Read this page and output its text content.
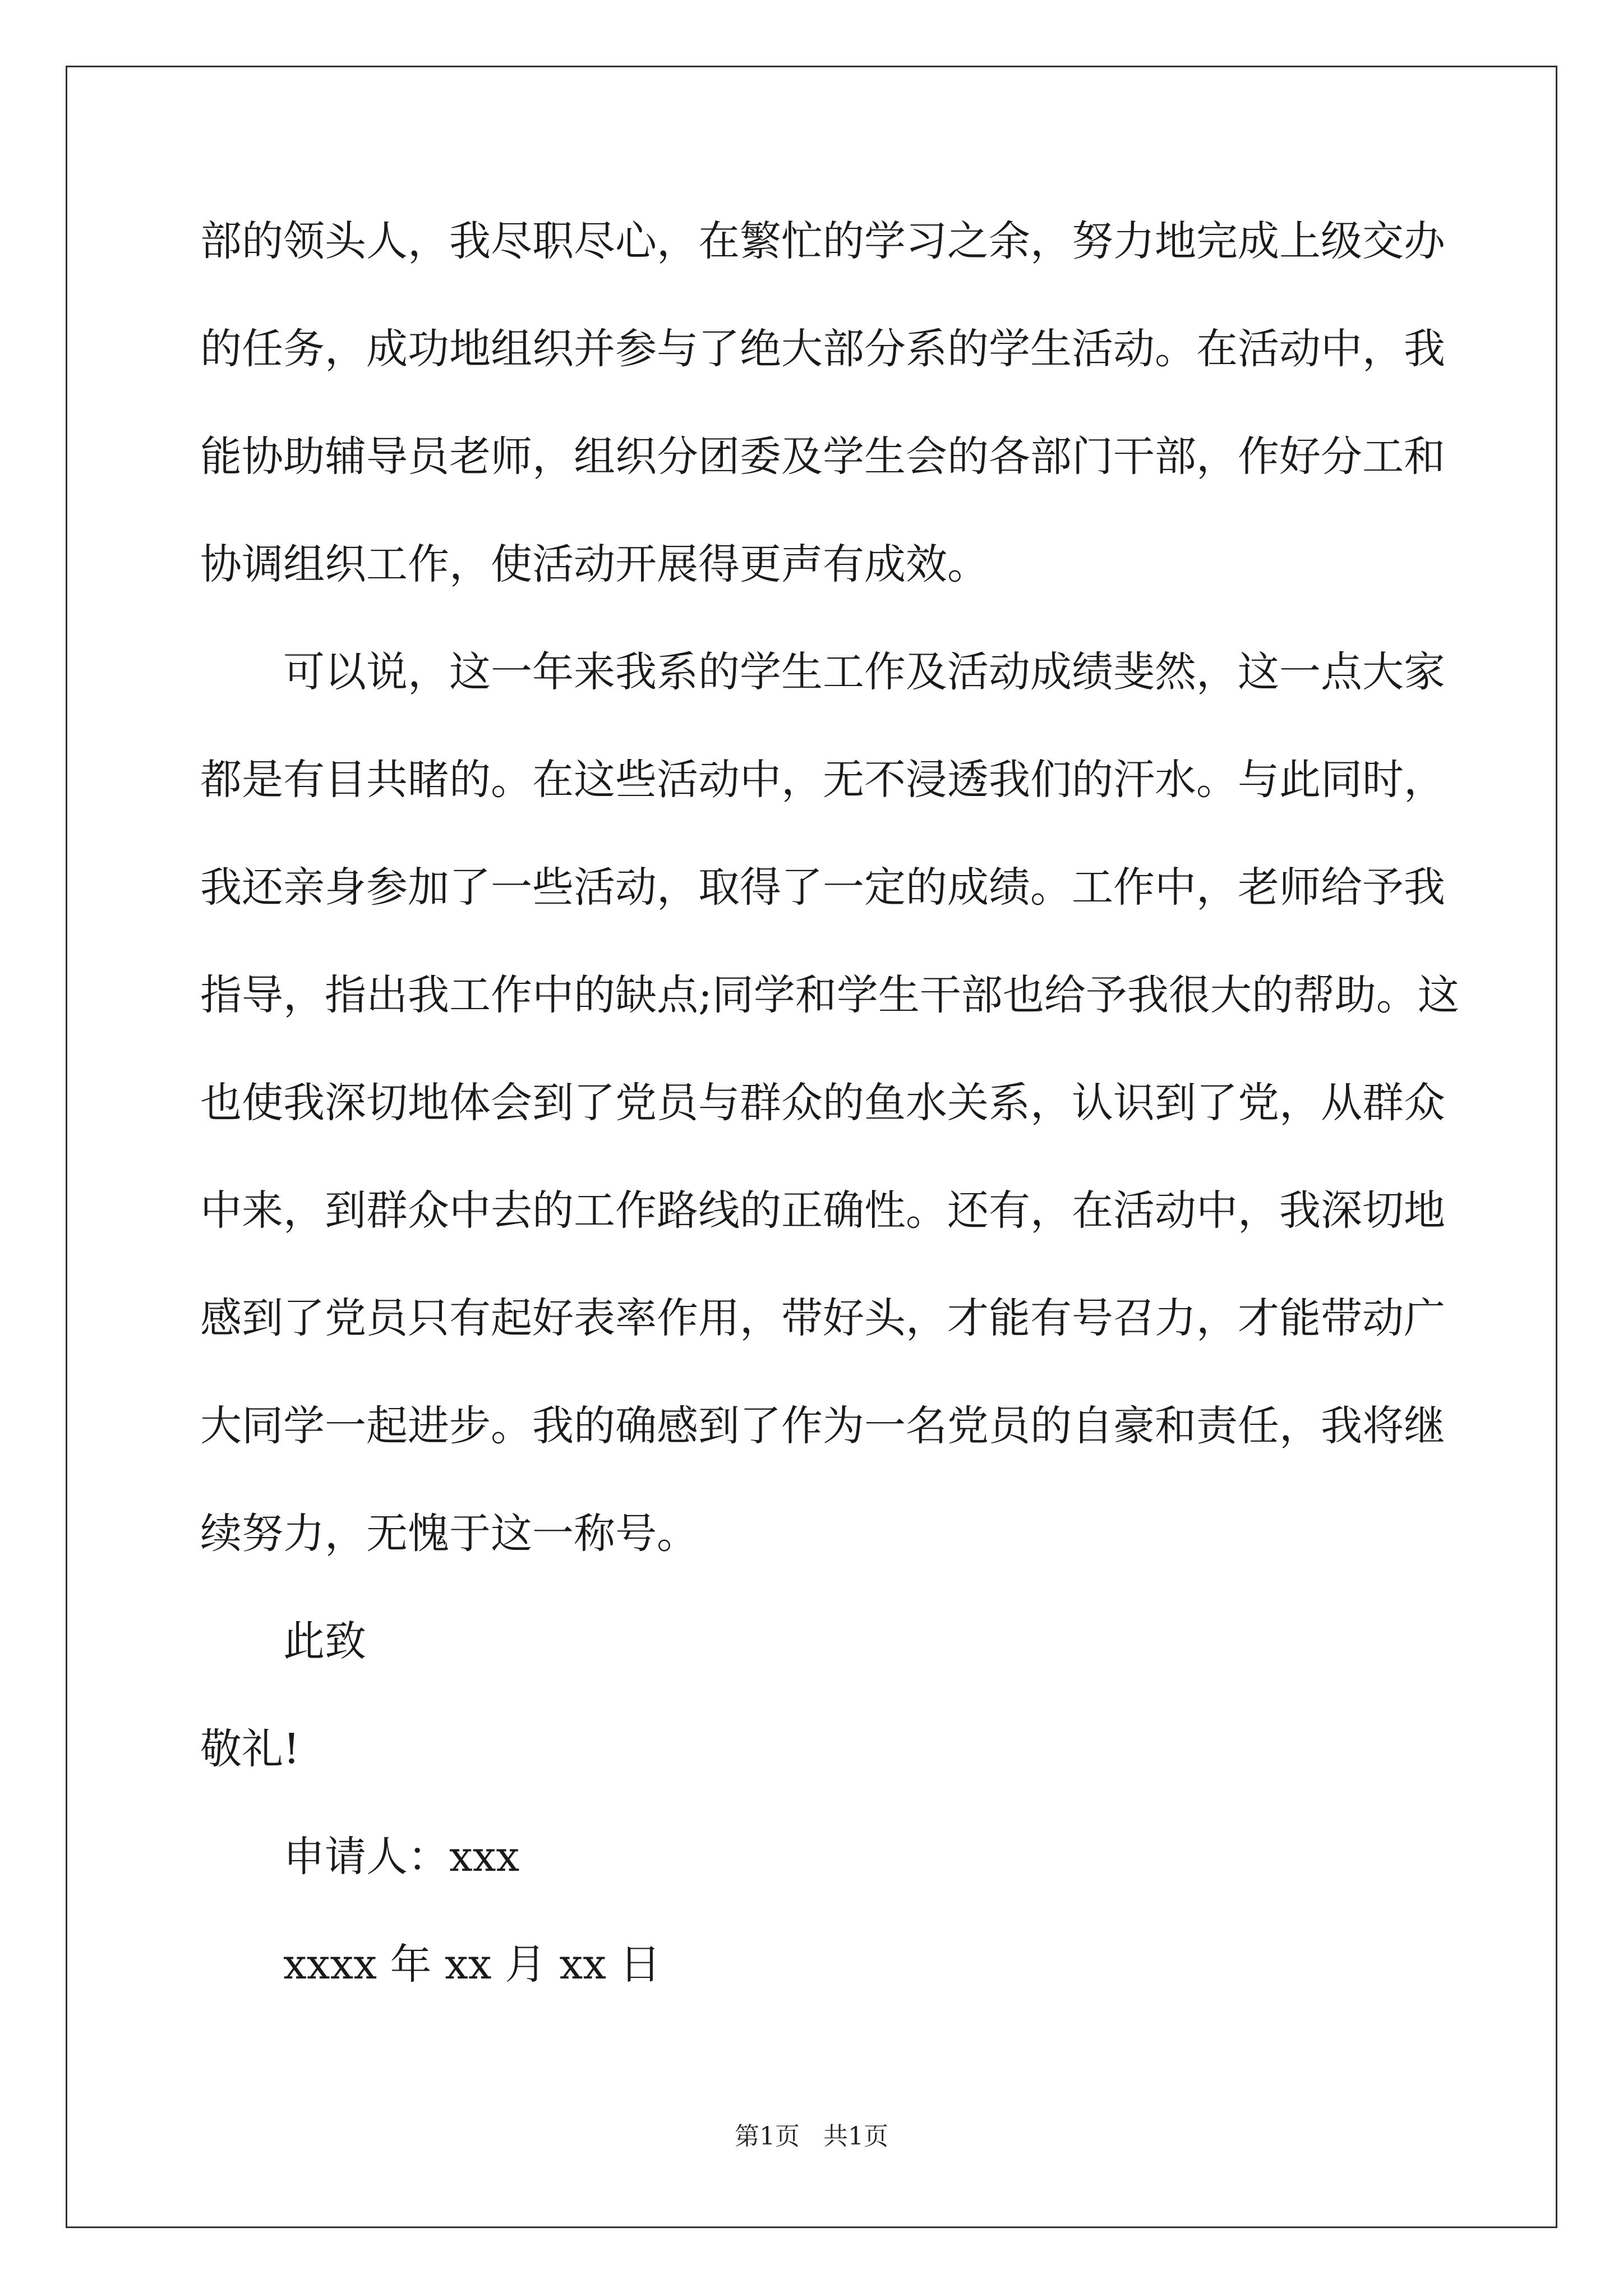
部的领头人，我尽职尽心，在繁忙的学习之余，努力地完成上级交办
的任务，成功地组织并参与了绝大部分系的学生活动。在活动中，我
能协助辅导员老师，组织分团委及学生会的各部门干部，作好分工和
协调组织工作，使活动开展得更声有成效。
可以说，这一年来我系的学生工作及活动成绩斐然，这一点大家
都是有目共睹的。在这些活动中，无不浸透我们的汗水。与此同时，
我还亲身参加了一些活动，取得了一定的成绩。工作中，老师给予我
指导，指出我工作中的缺点;同学和学生干部也给予我很大的帮助。这
也使我深切地体会到了党员与群众的鱼水关系，认识到了党，从群众
中来，到群众中去的工作路线的正确性。还有，在活动中，我深切地
感到了党员只有起好表率作用，带好头，才能有号召力，才能带动广
大同学一起进步。我的确感到了作为一名党员的自豪和责任，我将继
续努力，无愧于这一称号。
此致
敬礼!
申请人：xxx
xxxx 年 xx 月 xx 日
第1页 共1页
